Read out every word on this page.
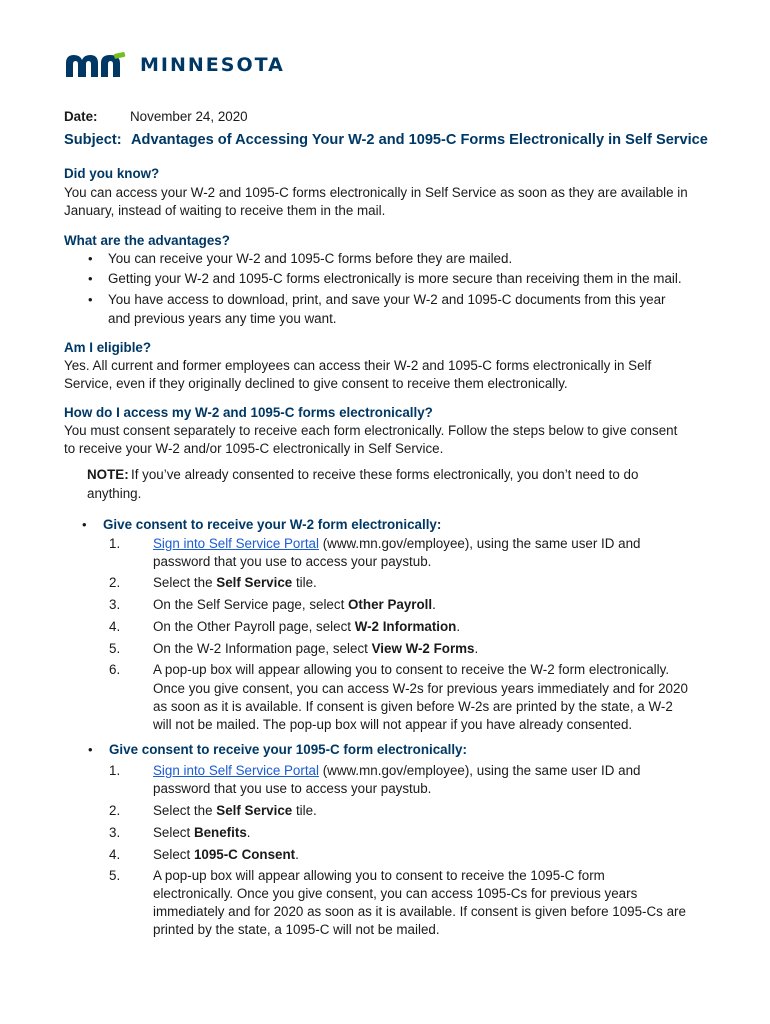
MINNESOTA
Date: November 24, 2020
Subject: Advantages of Accessing Your W-2 and 1095-C Forms Electronically in Self Service
Did you know?
You can access your W-2 and 1095-C forms electronically in Self Service as soon as they are available in
January, instead of waiting to receive them in the mail.
What are the advantages?
• You can receive your W-2 and 1095-C forms before they are mailed.
• Getting your W-2 and 1095-C forms electronically is more secure than receiving them in the mail.
• You have access to download, print, and save your W-2 and 1095-C documents from this year
and previous years any time you want.
Am I eligible?
Yes. All current and former employees can access their W-2 and 1095-C forms electronically in Self
Service, even if they originally declined to give consent to receive them electronically.
How do I access my W-2 and 1095-C forms electronically?
You must consent separately to receive each form electronically. Follow the steps below to give consent
to receive your W-2 and/or 1095-C electronically in Self Service.
NOTE: If you’ve already consented to receive these forms electronically, you don’t need to do
anything.
• Give consent to receive your W-2 form electronically:
1. Sign into Self Service Portal (www.mn.gov/employee), using the same user ID and
password that you use to access your paystub.
2. Select the Self Service tile.
3. On the Self Service page, select Other Payroll.
4. On the Other Payroll page, select W-2 Information.
5. On the W-2 Information page, select View W-2 Forms.
6. A pop-up box will appear allowing you to consent to receive the W-2 form electronically.
Once you give consent, you can access W-2s for previous years immediately and for 2020
as soon as it is available. If consent is given before W-2s are printed by the state, a W-2
will not be mailed. The pop-up box will not appear if you have already consented.
• Give consent to receive your 1095-C form electronically:
1. Sign into Self Service Portal (www.mn.gov/employee), using the same user ID and
password that you use to access your paystub.
2. Select the Self Service tile.
3. Select Benefits.
4. Select 1095-C Consent.
5. A pop-up box will appear allowing you to consent to receive the 1095-C form
electronically. Once you give consent, you can access 1095-Cs for previous years
immediately and for 2020 as soon as it is available. If consent is given before 1095-Cs are
printed by the state, a 1095-C will not be mailed.
